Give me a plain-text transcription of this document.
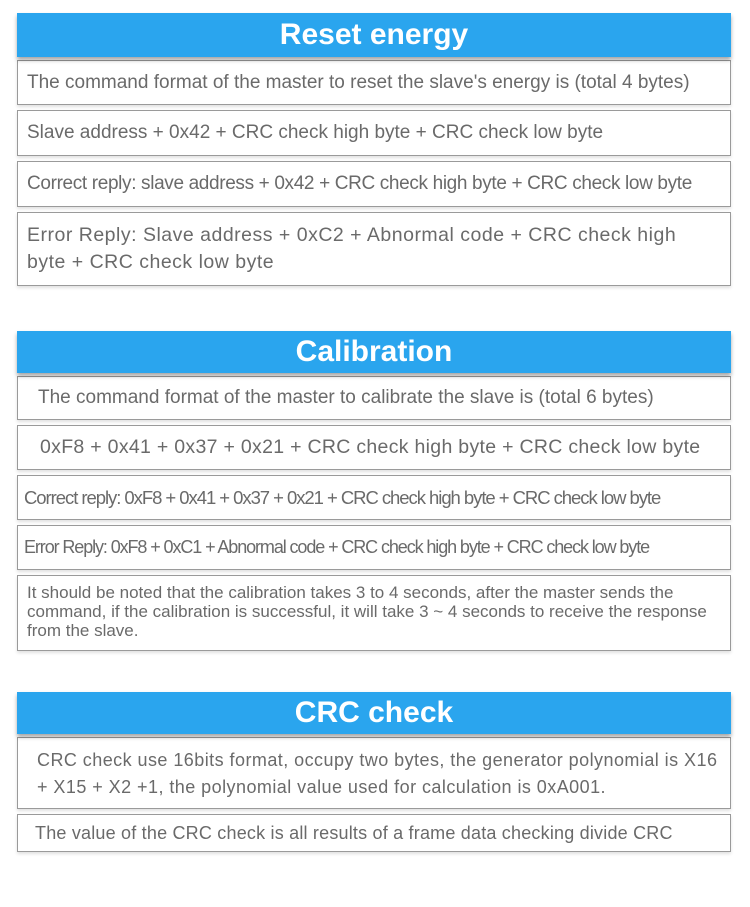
Reset energy
The command format of the master to reset the slave's energy is (total 4 bytes)
Slave address + 0x42 + CRC check high byte + CRC check low byte
Correct reply: slave address + 0x42 + CRC check high byte + CRC check low byte
Error Reply: Slave address + 0xC2 + Abnormal code + CRC check high byte + CRC check low byte
Calibration
The command format of the master to calibrate the slave is (total 6 bytes)
0xF8 + 0x41 + 0x37 + 0x21 + CRC check high byte + CRC check low byte
Correct reply: 0xF8 + 0x41 + 0x37 + 0x21 + CRC check high byte + CRC check low byte
Error Reply: 0xF8 + 0xC1 + Abnormal code + CRC check high byte + CRC check low byte
It should be noted that the calibration takes 3 to 4 seconds, after the master sends the command, if the calibration is successful, it will take 3 ~ 4 seconds to receive the response from the slave.
CRC check
CRC check use 16bits format, occupy two bytes, the generator polynomial is X16 + X15 + X2 +1, the polynomial value used for calculation is 0xA001.
The value of the CRC check is all results of a frame data checking divide CRC
